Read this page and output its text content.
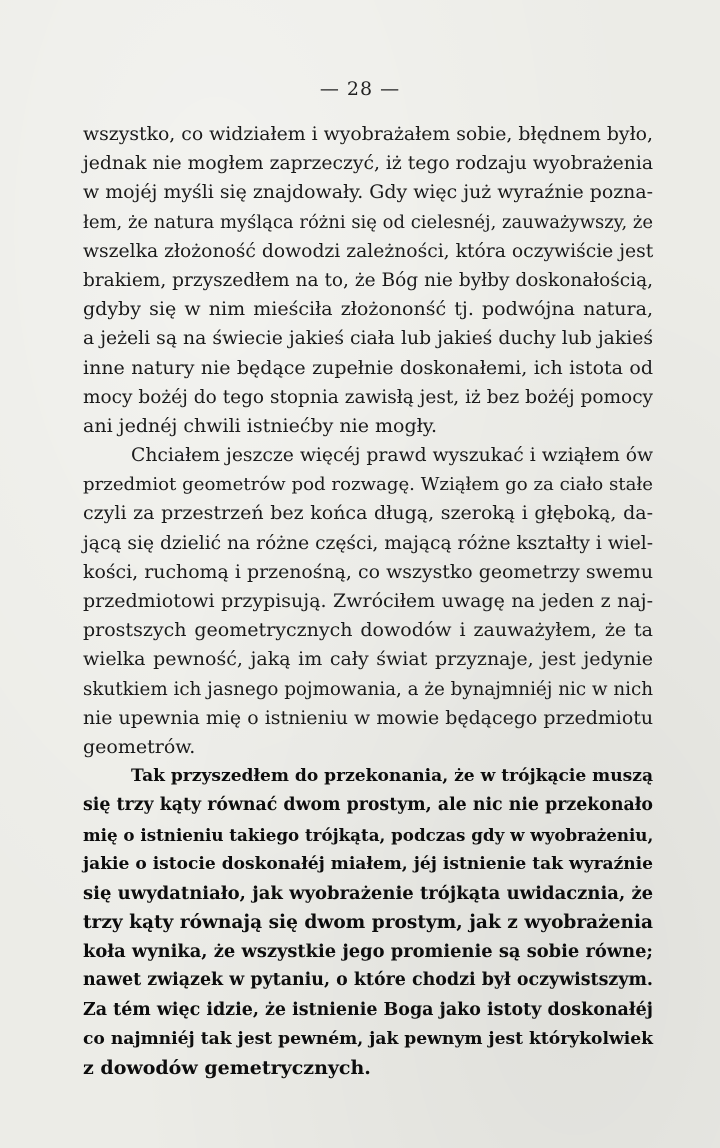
— 28 —
wszystko, co widziałem i wyobrażałem sobie, błędnem było,
jednak nie mogłem zaprzeczyć, iż tego rodzaju wyobrażenia
w mojéj myśli się znajdowały. Gdy więc już wyraźnie pozna-
łem, że natura myśląca różni się od cielesnéj, zauważywszy, że
wszelka złożoność dowodzi zależności, która oczywiście jest
brakiem, przyszedłem na to, że Bóg nie byłby doskonałością,
gdyby się w nim mieściła złożononść tj. podwójna natura,
a jeżeli są na świecie jakieś ciała lub jakieś duchy lub jakieś
inne natury nie będące zupełnie doskonałemi, ich istota od
mocy bożéj do tego stopnia zawisłą jest, iż bez bożéj pomocy
ani jednéj chwili istniećby nie mogły.
Chciałem jeszcze więcéj prawd wyszukać i wziąłem ów
przedmiot geometrów pod rozwagę. Wziąłem go za ciało stałe
czyli za przestrzeń bez końca długą, szeroką i głęboką, da-
jącą się dzielić na różne części, mającą różne kształty i wiel-
kości, ruchomą i przenośną, co wszystko geometrzy swemu
przedmiotowi przypisują. Zwróciłem uwagę na jeden z naj-
prostszych geometrycznych dowodów i zauważyłem, że ta
wielka pewność, jaką im cały świat przyznaje, jest jedynie
skutkiem ich jasnego pojmowania, a że bynajmniéj nic w nich
nie upewnia mię o istnieniu w mowie będącego przedmiotu
geometrów.
Tak przyszedłem do przekonania, że w trójkącie muszą
się trzy kąty równać dwom prostym, ale nic nie przekonało
mię o istnieniu takiego trójkąta, podczas gdy w wyobrażeniu,
jakie o istocie doskonałéj miałem, jéj istnienie tak wyraźnie
się uwydatniało, jak wyobrażenie trójkąta uwidacznia, że
trzy kąty równają się dwom prostym, jak z wyobrażenia
koła wynika, że wszystkie jego promienie są sobie równe;
nawet związek w pytaniu, o które chodzi był oczywistszym.
Za tém więc idzie, że istnienie Boga jako istoty doskonałéj
co najmniéj tak jest pewném, jak pewnym jest którykolwiek
z dowodów gemetrycznych.
